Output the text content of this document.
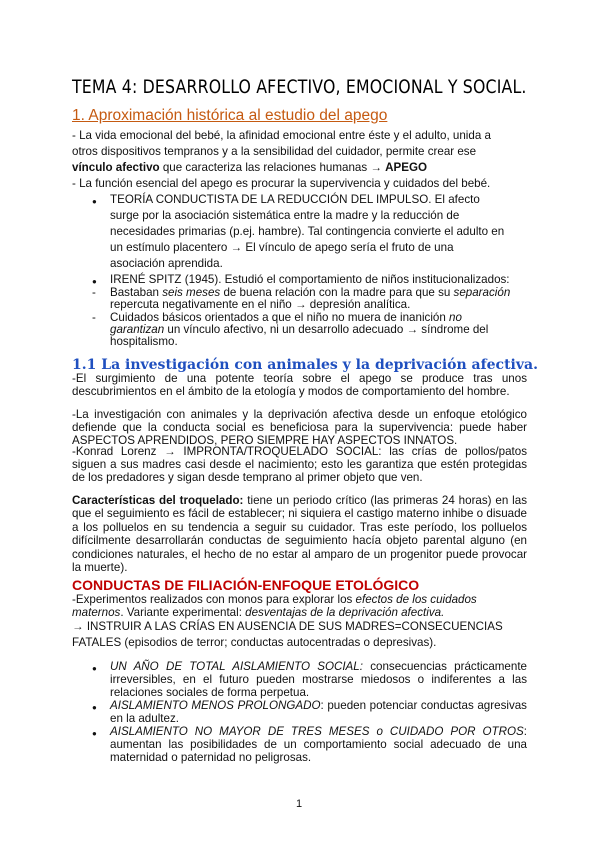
TEMA 4: DESARROLLO AFECTIVO, EMOCIONAL Y SOCIAL.
1. Aproximación histórica al estudio del apego
- La vida emocional del bebé, la afinidad emocional entre éste y el adulto, unida a
otros dispositivos tempranos y a la sensibilidad del cuidador, permite crear ese
vínculo afectivo que caracteriza las relaciones humanas → APEGO
- La función esencial del apego es procurar la supervivencia y cuidados del bebé.
● TEORÍA CONDUCTISTA DE LA REDUCCIÓN DEL IMPULSO. El afecto
surge por la asociación sistemática entre la madre y la reducción de
necesidades primarias (p.ej. hambre). Tal contingencia convierte el adulto en
un estímulo placentero → El vínculo de apego sería el fruto de una
asociación aprendida.
● IRENÉ SPITZ (1945). Estudió el comportamiento de niños institucionalizados:
- Bastaban seis meses de buena relación con la madre para que su separación
repercuta negativamente en el niño → depresión analítica.
- Cuidados básicos orientados a que el niño no muera de inanición no
garantizan un vínculo afectivo, ni un desarrollo adecuado → síndrome del
hospitalismo.
1.1 La investigación con animales y la deprivación afectiva.
-El surgimiento de una potente teoría sobre el apego se produce tras unos descubrimientos en el ámbito de la etología y modos de comportamiento del hombre.
-La investigación con animales y la deprivación afectiva desde un enfoque etológico defiende que la conducta social es beneficiosa para la supervivencia: puede haber ASPECTOS APRENDIDOS, PERO SIEMPRE HAY ASPECTOS INNATOS.
-Konrad Lorenz → IMPRONTA/TROQUELADO SOCIAL: las crías de pollos/patos siguen a sus madres casi desde el nacimiento; esto les garantiza que estén protegidas de los predadores y sigan desde temprano al primer objeto que ven.
Características del troquelado: tiene un periodo crítico (las primeras 24 horas) en las que el seguimiento es fácil de establecer; ni siquiera el castigo materno inhibe o disuade a los polluelos en su tendencia a seguir su cuidador. Tras este período, los polluelos difícilmente desarrollarán conductas de seguimiento hacía objeto parental alguno (en condiciones naturales, el hecho de no estar al amparo de un progenitor puede provocar la muerte).
CONDUCTAS DE FILIACIÓN-ENFOQUE ETOLÓGICO
-Experimentos realizados con monos para explorar los efectos de los cuidados
maternos. Variante experimental: desventajas de la deprivación afectiva.
→ INSTRUIR A LAS CRÍAS EN AUSENCIA DE SUS MADRES=CONSECUENCIAS
FATALES (episodios de terror; conductas autocentradas o depresivas).
● UN AÑO DE TOTAL AISLAMIENTO SOCIAL: consecuencias prácticamente irreversibles, en el futuro pueden mostrarse miedosos o indiferentes a las relaciones sociales de forma perpetua.
● AISLAMIENTO MENOS PROLONGADO: pueden potenciar conductas agresivas en la adultez.
● AISLAMIENTO NO MAYOR DE TRES MESES o CUIDADO POR OTROS: aumentan las posibilidades de un comportamiento social adecuado de una maternidad o paternidad no peligrosas.
1
